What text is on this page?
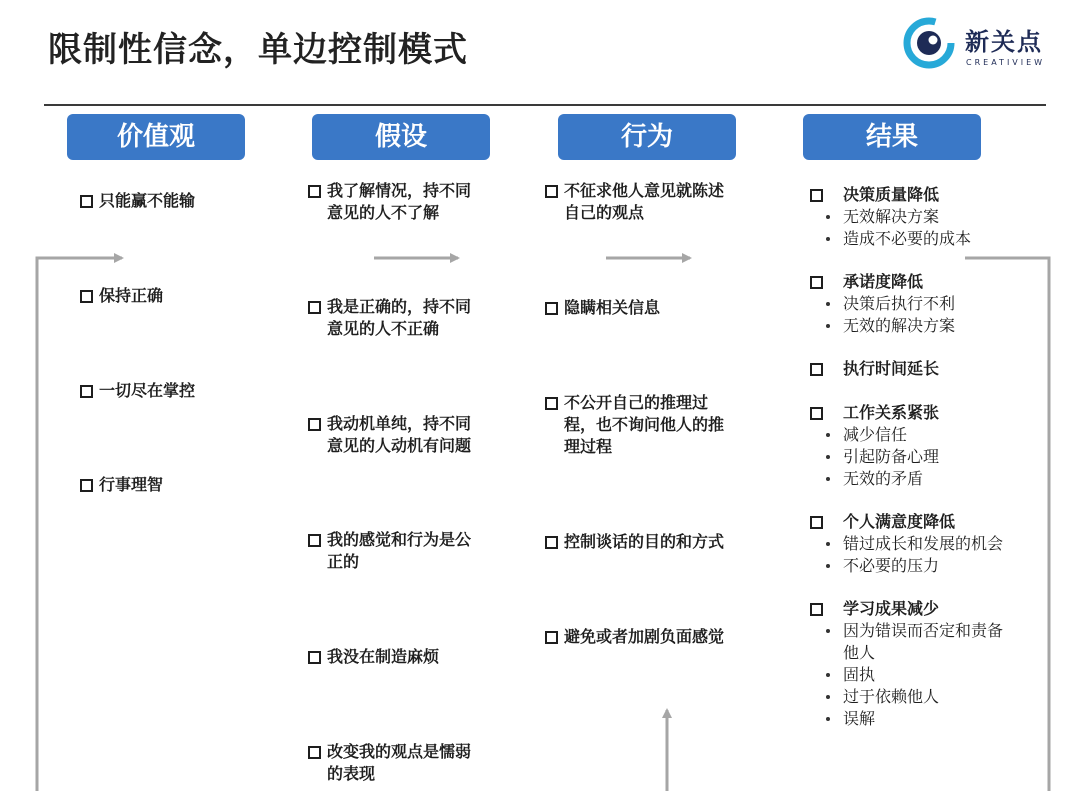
限制性信念，单边控制模式	新关点
CREATIVIEW
价值观	假设	行为	结果
只能赢不能输
保持正确
一切尽在掌控
行事理智
我了解情况，持不同
意见的人不了解
我是正确的，持不同
意见的人不正确
我动机单纯，持不同
意见的人动机有问题
我的感觉和行为是公
正的
我没在制造麻烦
改变我的观点是懦弱
的表现
不征求他人意见就陈述
自己的观点
隐瞒相关信息
不公开自己的推理过
程，也不询问他人的推
理过程
控制谈话的目的和方式
避免或者加剧负面感觉
决策质量降低
无效解决方案
造成不必要的成本
承诺度降低
决策后执行不利
无效的解决方案
执行时间延长
工作关系紧张
减少信任
引起防备心理
无效的矛盾
个人满意度降低
错过成长和发展的机会
不必要的压力
学习成果减少
因为错误而否定和责备
他人
固执
过于依赖他人
误解
